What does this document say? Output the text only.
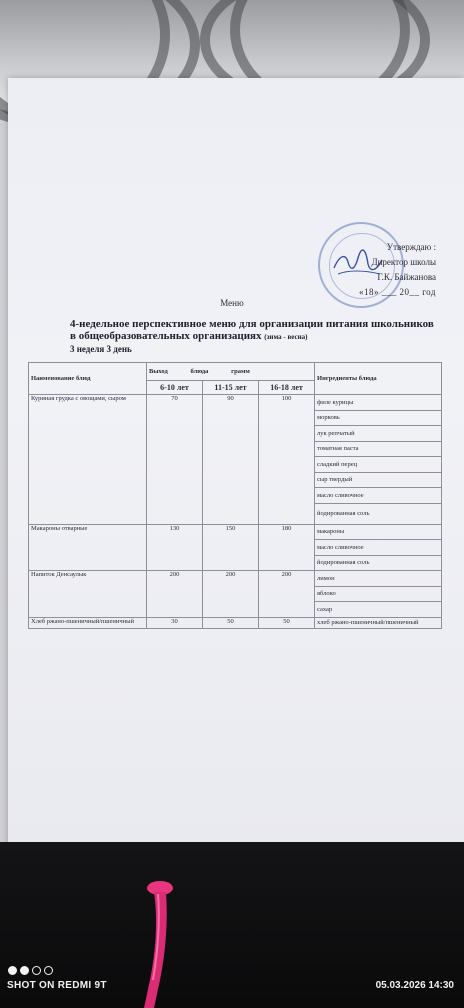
Утверждаю :
Директор школы
Г.К. Байжанова
«18» ___ 20__ год
Меню
4-недельное перспективное меню для организации питания школьников в общеобразовательных организациях (зима - весна)
3 неделя 3 день
Наименование блюд	Выход блюда грамм			Ингредиенты блюда
	6-10 лет	11-15 лет	16-18 лет	
Куриная грудка с овощами, сыром	70	90	100	филе курицы
				морковь
				лук репчатый
				томатная паста
				сладкий перец
				сыр твердый
				масло сливочное
				йодированная соль
Макароны отварные	130	150	180	макароны
				масло сливочное
				йодированная соль
Напиток Денсаулык	200	200	200	лимон
				яблоко
				сахар
Хлеб ржано-пшеничный/пшеничный	30	50	50	хлеб ржано-пшеничный/пшеничный
SHOT ON REDMI 9T	05.03.2026 14:30
